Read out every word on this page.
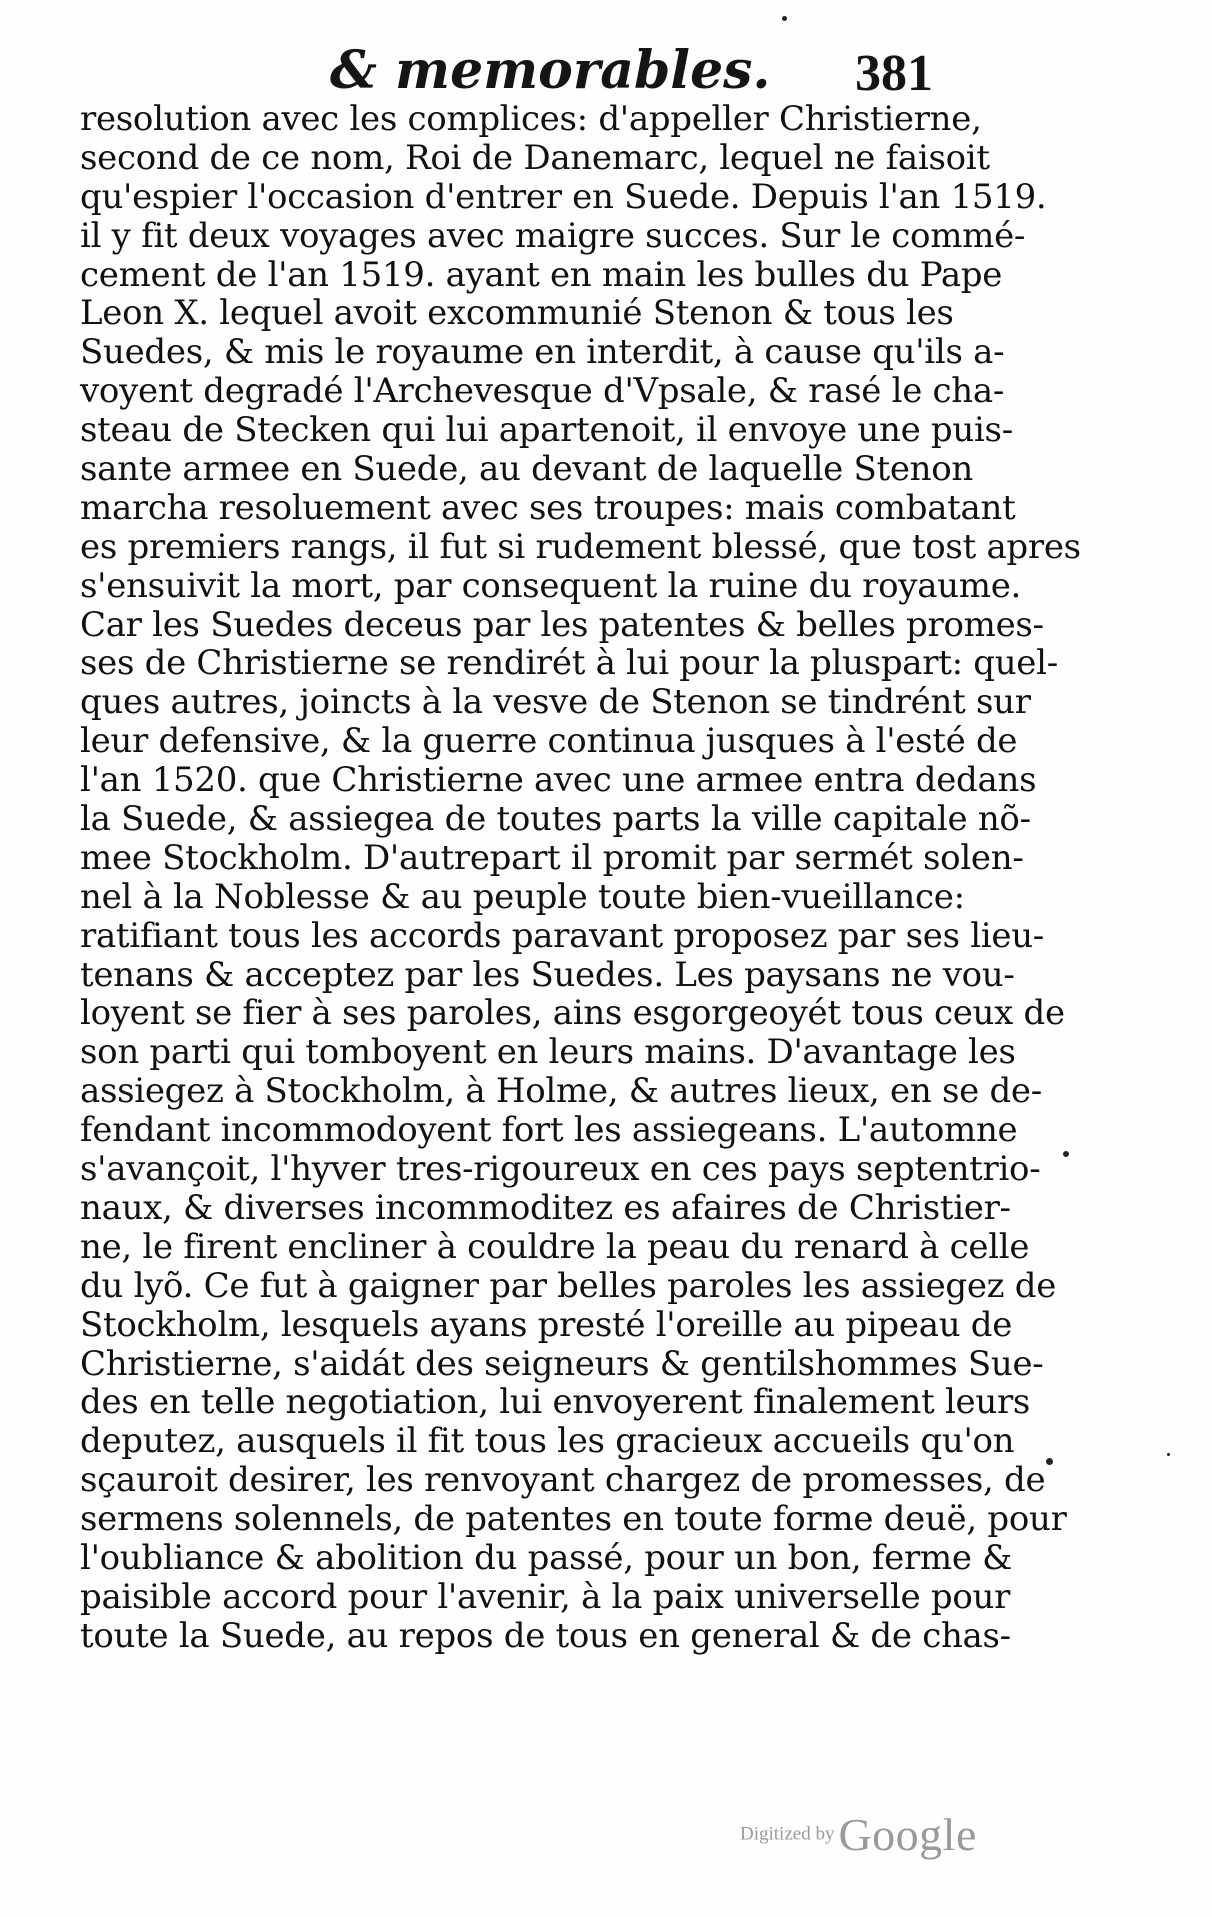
& memorables. 381
resolution avec les complices: d'appeller Christierne,
second de ce nom, Roi de Danemarc, lequel ne faisoit
qu'espier l'occasion d'entrer en Suede. Depuis l'an 1519.
il y fit deux voyages avec maigre succes. Sur le commé-
cement de l'an 1519. ayant en main les bulles du Pape
Leon X. lequel avoit excommunié Stenon & tous les
Suedes, & mis le royaume en interdit, à cause qu'ils a-
voyent degradé l'Archevesque d'Vpsale, & rasé le cha-
steau de Stecken qui lui apartenoit, il envoye une puis-
sante armee en Suede, au devant de laquelle Stenon
marcha resoluement avec ses troupes: mais combatant
es premiers rangs, il fut si rudement blessé, que tost apres
s'ensuivit la mort, par consequent la ruine du royaume.
Car les Suedes deceus par les patentes & belles promes-
ses de Christierne se rendirét à lui pour la pluspart: quel-
ques autres, joincts à la vesve de Stenon se tindrént sur
leur defensive, & la guerre continua jusques à l'esté de
l'an 1520. que Christierne avec une armee entra dedans
la Suede, & assiegea de toutes parts la ville capitale nõ-
mee Stockholm. D'autrepart il promit par sermét solen-
nel à la Noblesse & au peuple toute bien-vueillance:
ratifiant tous les accords paravant proposez par ses lieu-
tenans & acceptez par les Suedes. Les paysans ne vou-
loyent se fier à ses paroles, ains esgorgeoyét tous ceux de
son parti qui tomboyent en leurs mains. D'avantage les
assiegez à Stockholm, à Holme, & autres lieux, en se de-
fendant incommodoyent fort les assiegeans. L'automne
s'avançoit, l'hyver tres-rigoureux en ces pays septentrio-
naux, & diverses incommoditez es afaires de Christier-
ne, le firent encliner à couldre la peau du renard à celle
du lyõ. Ce fut à gaigner par belles paroles les assiegez de
Stockholm, lesquels ayans presté l'oreille au pipeau de
Christierne, s'aidát des seigneurs & gentilshommes Sue-
des en telle negotiation, lui envoyerent finalement leurs
deputez, ausquels il fit tous les gracieux accueils qu'on
sçauroit desirer, les renvoyant chargez de promesses, de
sermens solennels, de patentes en toute forme deuë, pour
l'oubliance & abolition du passé, pour un bon, ferme &
paisible accord pour l'avenir, à la paix universelle pour
toute la Suede, au repos de tous en general & de chas-
Digitized by Google
